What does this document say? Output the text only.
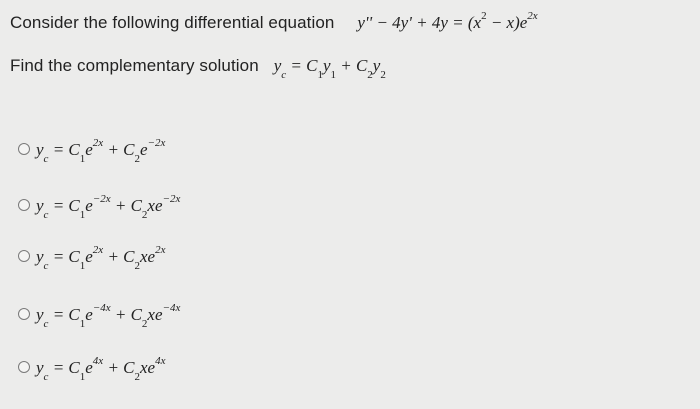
Consider the following differential equation $y'' - 4y' + 4y = (x^2 - x)e^{2x}$
Find the complementary solution $y_c = C_1y_1 + C_2y_2$
$y_c = C_1e^{2x} + C_2e^{-2x}$
$y_c = C_1e^{-2x} + C_2xe^{-2x}$
$y_c = C_1e^{2x} + C_2xe^{2x}$
$y_c = C_1e^{-4x} + C_2xe^{-4x}$
$y_c = C_1e^{4x} + C_2xe^{4x}$
